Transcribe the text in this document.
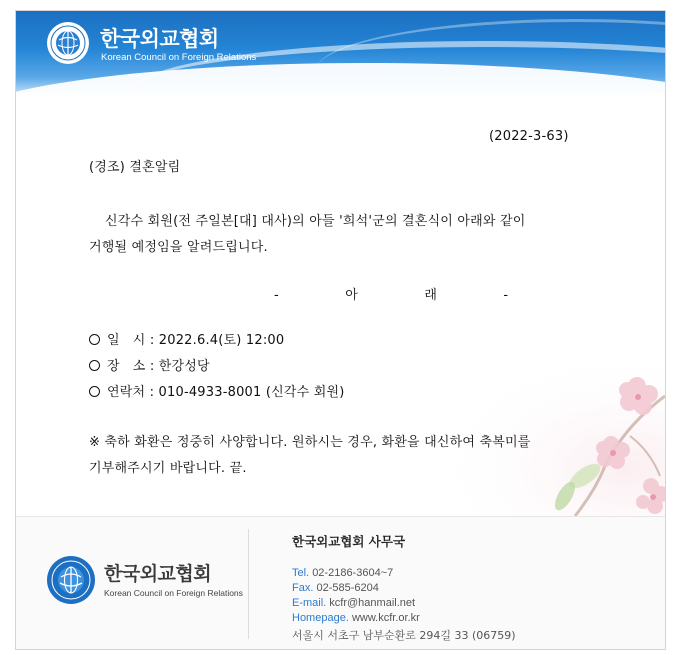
한국외교협회
Korean Council on Foreign Relations
(2022-3-63)
(경조) 결혼알림
신각수 회원(전 주일본[대] 대사)의 아들 '희석'군의 결혼식이 아래와 같이
거행될 예정임을 알려드립니다.
- 아 래 -
일   시 : 2022.6.4(토) 12:00
장   소 : 한강성당
연락처 : 010-4933-8001 (신각수 회원)
※ 축하 화환은 정중히 사양합니다. 원하시는 경우, 화환을 대신하여 축복미를
기부해주시기 바랍니다. 끝.
한국외교협회
Korean Council on Foreign Relations
한국외교협회 사무국
Tel. 02-2186-3604~7
Fax. 02-585-6204
E-mail. kcfr@hanmail.net
Homepage. www.kcfr.or.kr
서울시 서초구 남부순환로 294길 33 (06759)
